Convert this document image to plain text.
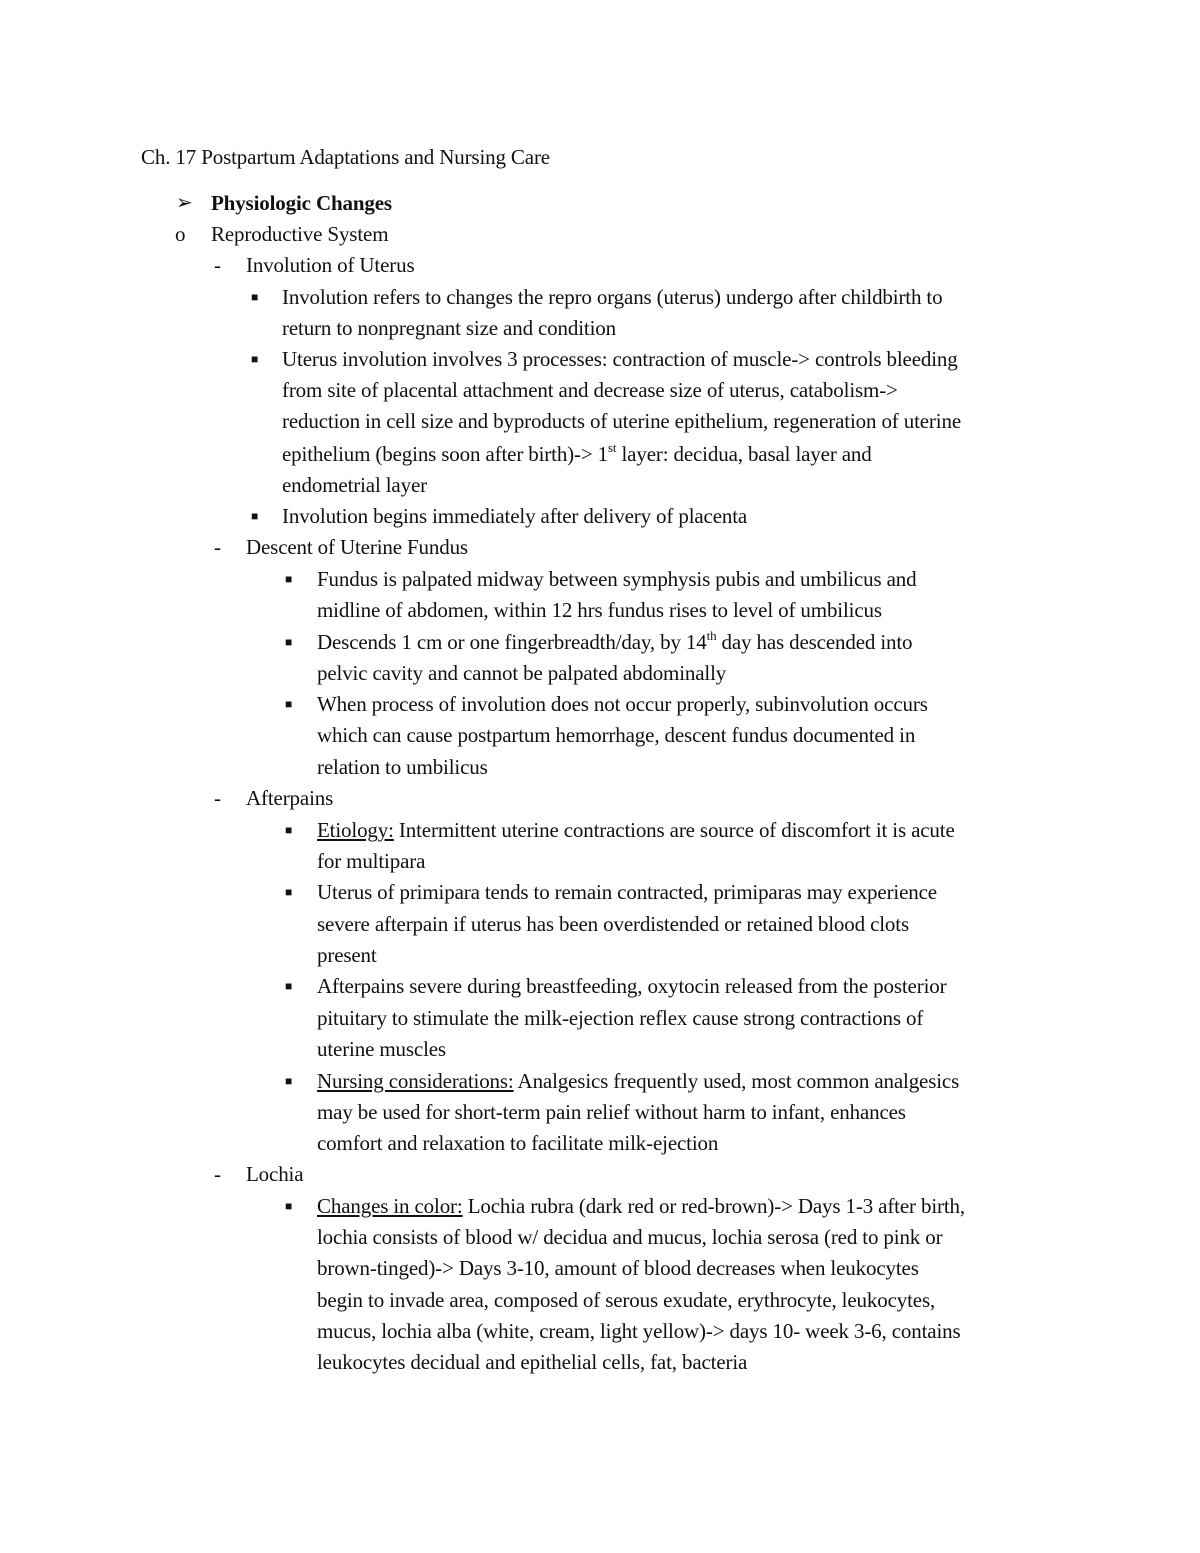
Ch. 17 Postpartum Adaptations and Nursing Care
➢ Physiologic Changes
o Reproductive System
- Involution of Uterus
■ Involution refers to changes the repro organs (uterus) undergo after childbirth to
return to nonpregnant size and condition
■ Uterus involution involves 3 processes: contraction of muscle-> controls bleeding
from site of placental attachment and decrease size of uterus, catabolism->
reduction in cell size and byproducts of uterine epithelium, regeneration of uterine
epithelium (begins soon after birth)-> 1st layer: decidua, basal layer and
endometrial layer
■ Involution begins immediately after delivery of placenta
- Descent of Uterine Fundus
■ Fundus is palpated midway between symphysis pubis and umbilicus and
midline of abdomen, within 12 hrs fundus rises to level of umbilicus
■ Descends 1 cm or one fingerbreadth/day, by 14th day has descended into
pelvic cavity and cannot be palpated abdominally
■ When process of involution does not occur properly, subinvolution occurs
which can cause postpartum hemorrhage, descent fundus documented in
relation to umbilicus
- Afterpains
■ Etiology: Intermittent uterine contractions are source of discomfort it is acute
for multipara
■ Uterus of primipara tends to remain contracted, primiparas may experience
severe afterpain if uterus has been overdistended or retained blood clots
present
■ Afterpains severe during breastfeeding, oxytocin released from the posterior
pituitary to stimulate the milk-ejection reflex cause strong contractions of
uterine muscles
■ Nursing considerations: Analgesics frequently used, most common analgesics
may be used for short-term pain relief without harm to infant, enhances
comfort and relaxation to facilitate milk-ejection
- Lochia
■ Changes in color: Lochia rubra (dark red or red-brown)-> Days 1-3 after birth,
lochia consists of blood w/ decidua and mucus, lochia serosa (red to pink or
brown-tinged)-> Days 3-10, amount of blood decreases when leukocytes
begin to invade area, composed of serous exudate, erythrocyte, leukocytes,
mucus, lochia alba (white, cream, light yellow)-> days 10- week 3-6, contains
leukocytes decidual and epithelial cells, fat, bacteria
